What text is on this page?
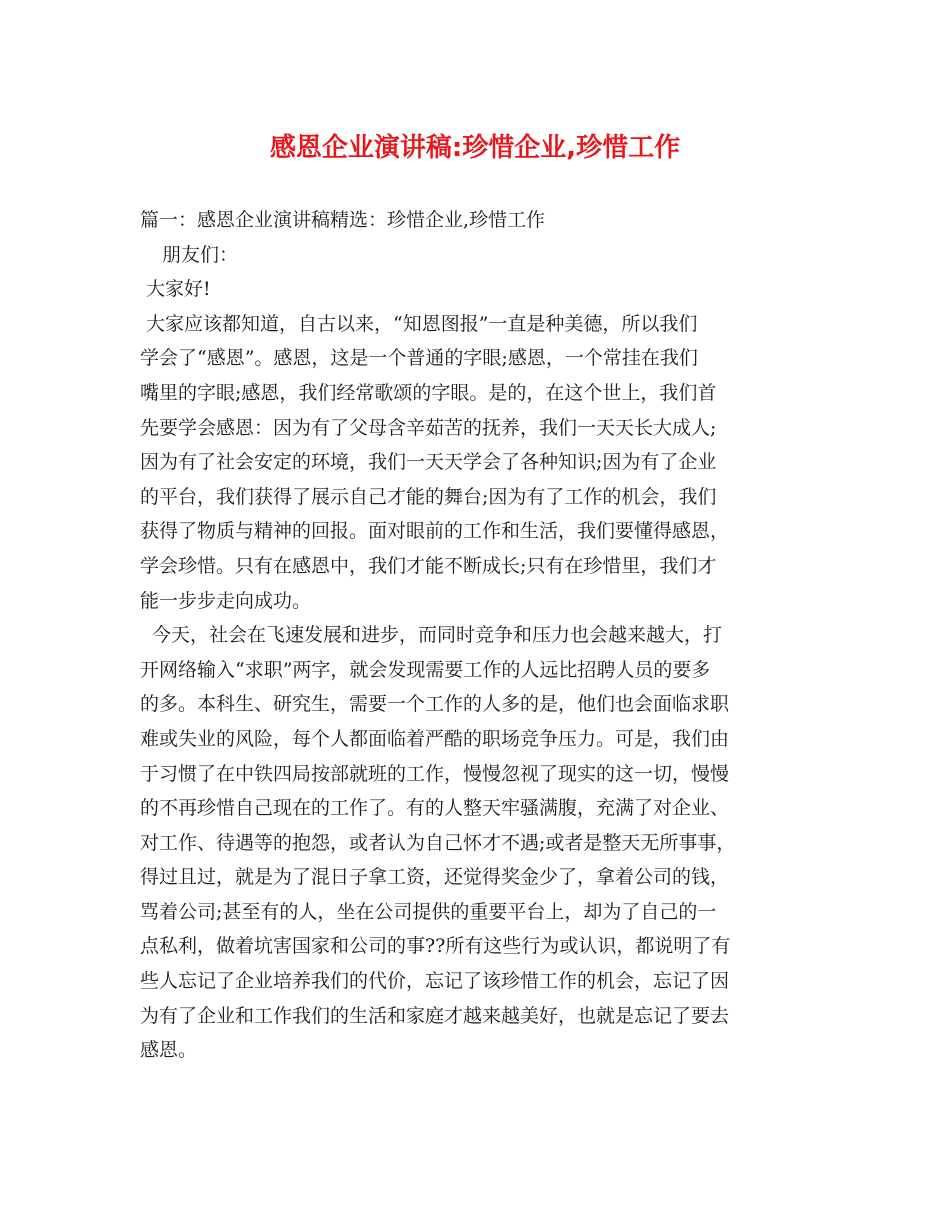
感恩企业演讲稿:珍惜企业,珍惜工作
篇一：感恩企业演讲稿精选：珍惜企业,珍惜工作
朋友们：
大家好!
大家应该都知道，自古以来，“知恩图报”一直是种美德，所以我们
学会了“感恩”。感恩，这是一个普通的字眼;感恩，一个常挂在我们
嘴里的字眼;感恩，我们经常歌颂的字眼。是的，在这个世上，我们首
先要学会感恩：因为有了父母含辛茹苦的抚养，我们一天天长大成人;
因为有了社会安定的环境，我们一天天学会了各种知识;因为有了企业
的平台，我们获得了展示自己才能的舞台;因为有了工作的机会，我们
获得了物质与精神的回报。面对眼前的工作和生活，我们要懂得感恩，
学会珍惜。只有在感恩中，我们才能不断成长;只有在珍惜里，我们才
能一步步走向成功。
今天，社会在飞速发展和进步，而同时竞争和压力也会越来越大，打
开网络输入“求职”两字，就会发现需要工作的人远比招聘人员的要多
的多。本科生、研究生，需要一个工作的人多的是，他们也会面临求职
难或失业的风险，每个人都面临着严酷的职场竞争压力。可是，我们由
于习惯了在中铁四局按部就班的工作，慢慢忽视了现实的这一切，慢慢
的不再珍惜自己现在的工作了。有的人整天牢骚满腹，充满了对企业、
对工作、待遇等的抱怨，或者认为自己怀才不遇;或者是整天无所事事，
得过且过，就是为了混日子拿工资，还觉得奖金少了，拿着公司的钱，
骂着公司;甚至有的人，坐在公司提供的重要平台上，却为了自己的一
点私利，做着坑害国家和公司的事??所有这些行为或认识，都说明了有
些人忘记了企业培养我们的代价，忘记了该珍惜工作的机会，忘记了因
为有了企业和工作我们的生活和家庭才越来越美好，也就是忘记了要去
感恩。
